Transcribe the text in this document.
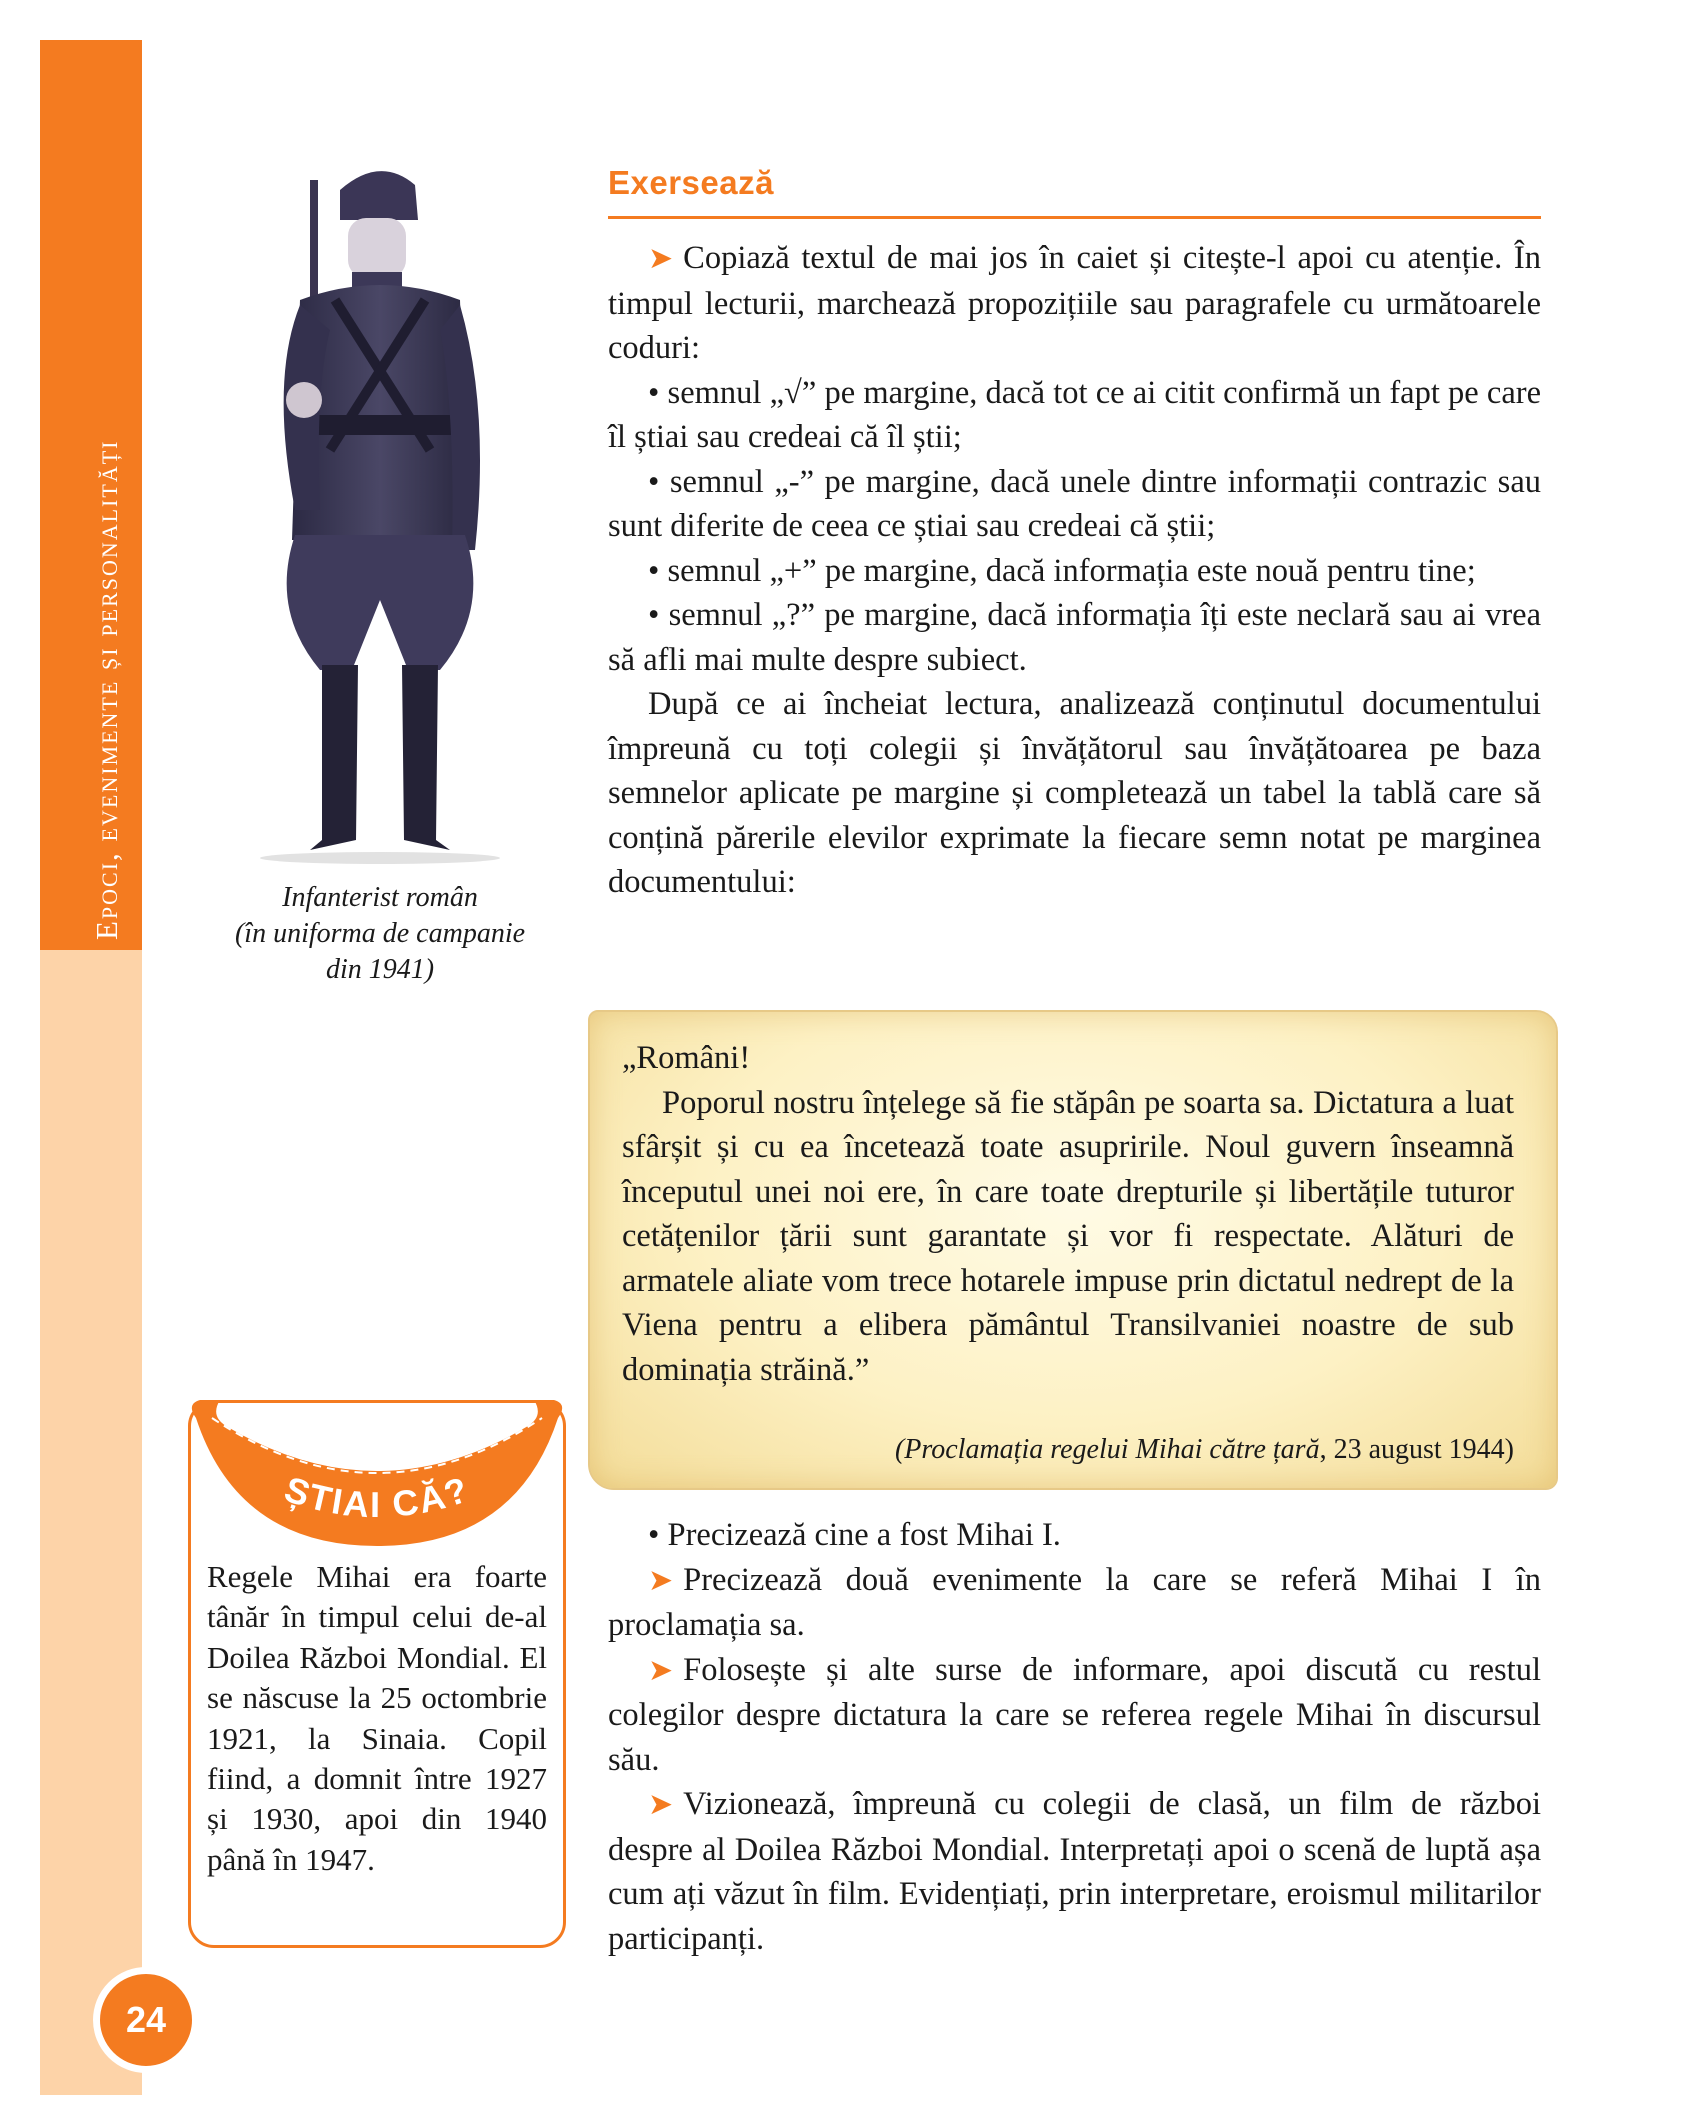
Epoci, evenimente și personalități
24
Infanterist român
(în uniforma de campanie
din 1941)
Exersează

➤ Copiază textul de mai jos în caiet și citește-l apoi cu atenție. În timpul lecturii, marchează propozițiile sau paragrafele cu următoarele coduri:

• semnul „√” pe margine, dacă tot ce ai citit confirmă un fapt pe care îl știai sau credeai că îl știi;

• semnul „-” pe margine, dacă unele dintre informații contrazic sau sunt diferite de ceea ce știai sau credeai că știi;

• semnul „+” pe margine, dacă informația este nouă pentru tine;

• semnul „?” pe margine, dacă informația îți este neclară sau ai vrea să afli mai multe despre subiect.

După ce ai încheiat lectura, analizează conținutul documentului împreună cu toți colegii și învățătorul sau învățătoarea pe baza semnelor aplicate pe margine și completează un tabel la tablă care să conțină părerile elevilor exprimate la fiecare semn notat pe marginea documentului:

„Români!

Poporul nostru înțelege să fie stăpân pe soarta sa. Dictatura a luat sfârșit și cu ea încetează toate asupririle. Noul guvern înseamnă începutul unei noi ere, în care toate drepturile și libertățile tuturor cetățenilor țării sunt garantate și vor fi respectate. Alături de armatele aliate vom trece hotarele impuse prin dictatul nedrept de la Viena pentru a elibera pământul Transilvaniei noastre de sub dominația străină.”

(Proclamația regelui Mihai către țară, 23 august 1944)

• Precizează cine a fost Mihai I.

➤ Precizează două evenimente la care se referă Mihai I în proclamația sa.

➤ Folosește și alte surse de informare, apoi discută cu restul colegilor despre dictatura la care se referea regele Mihai în discursul său.

➤ Vizionează, împreună cu colegii de clasă, un film de război despre al Doilea Război Mondial. Interpretați apoi o scenă de luptă așa cum ați văzut în film. Evidențiați, prin interpretare, eroismul militarilor participanți.

ȘTIAI CĂ?

Regele Mihai era foarte tânăr în timpul celui de-al Doilea Război Mondial. El se născuse la 25 octombrie 1921, la Sinaia. Copil fiind, a domnit între 1927 și 1930, apoi din 1940 până în 1947.
